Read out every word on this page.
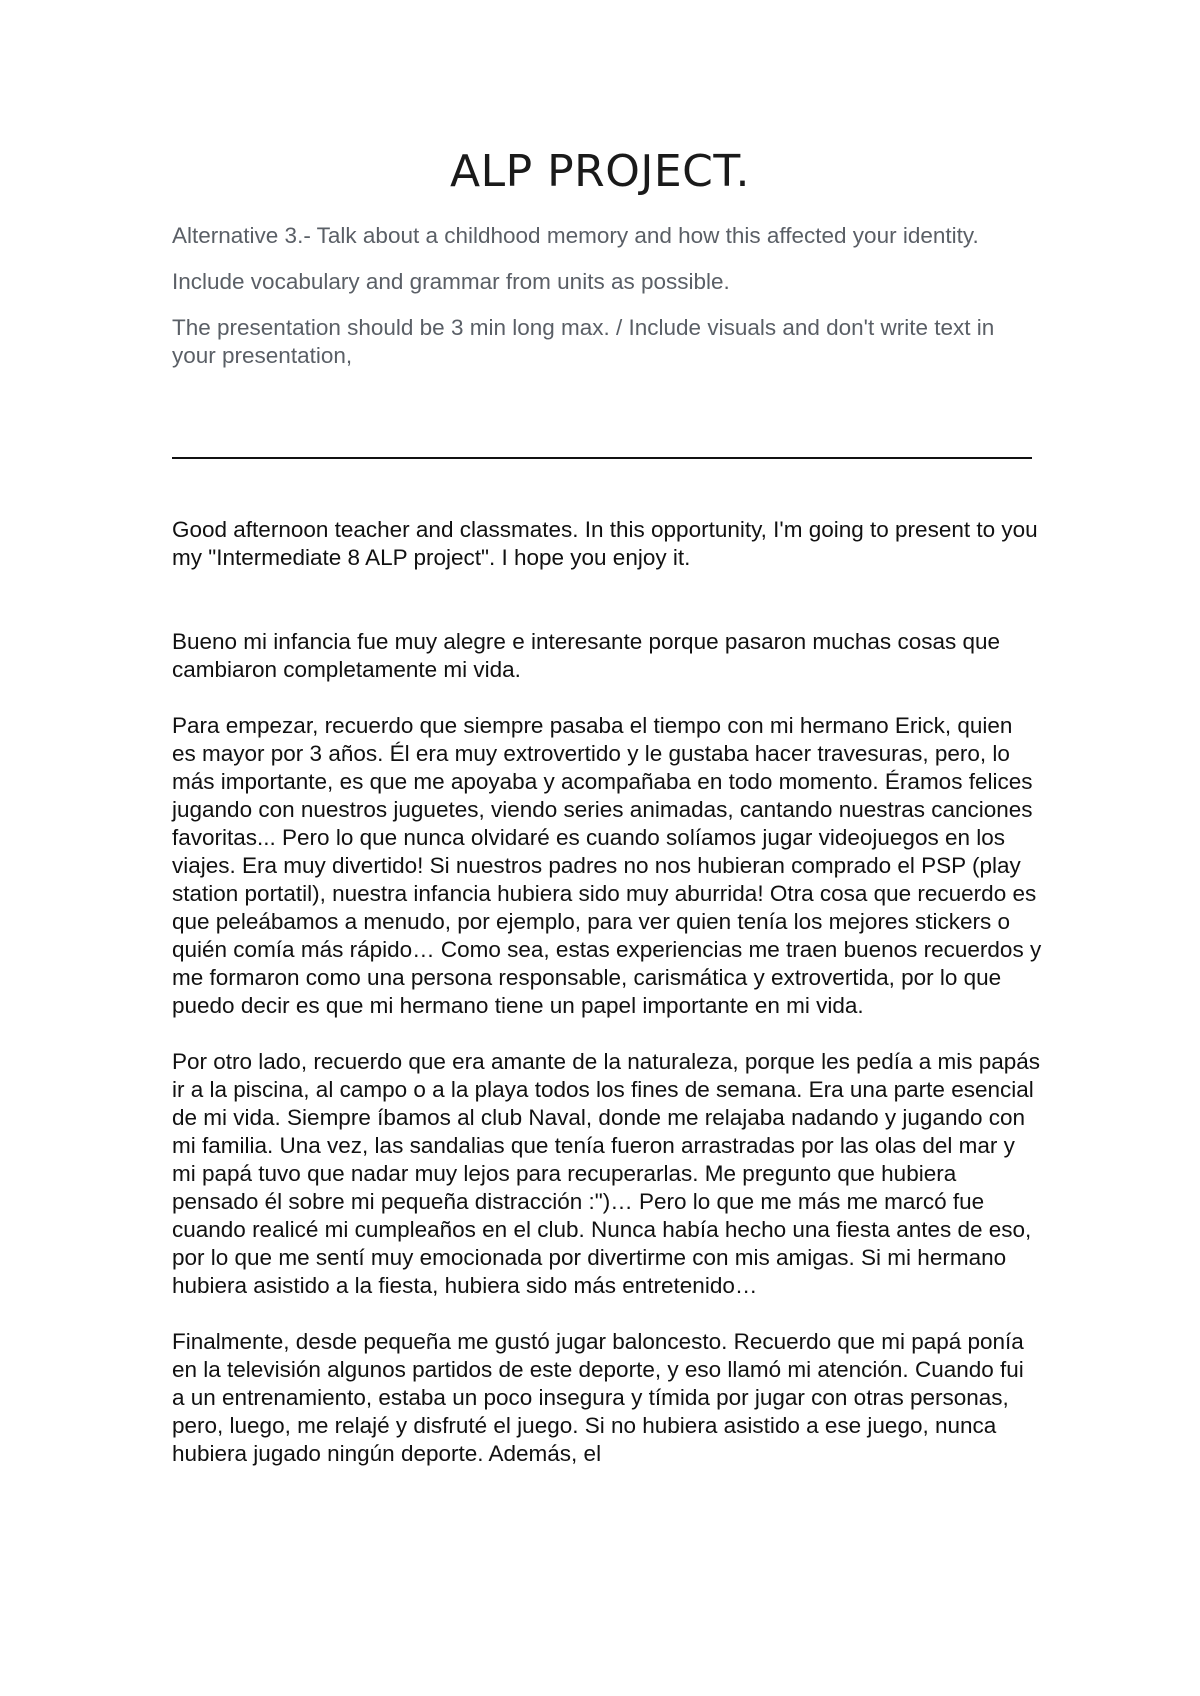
ALP PROJECT.

Alternative 3.- Talk about a childhood memory and how this affected your identity.

Include vocabulary and grammar from units as possible.

The presentation should be 3 min long max. / Include visuals and don't write text in your presentation,

Good afternoon teacher and classmates. In this opportunity, I'm going to present to you my "Intermediate 8 ALP project". I hope you enjoy it.

Bueno mi infancia fue muy alegre e interesante porque pasaron muchas cosas que cambiaron completamente mi vida.

Para empezar, recuerdo que siempre pasaba el tiempo con mi hermano Erick, quien es mayor por 3 años. Él era muy extrovertido y le gustaba hacer travesuras, pero, lo más importante, es que me apoyaba y acompañaba en todo momento. Éramos felices jugando con nuestros juguetes, viendo series animadas, cantando nuestras canciones favoritas... Pero lo que nunca olvidaré es cuando solíamos jugar videojuegos en los viajes. Era muy divertido! Si nuestros padres no nos hubieran comprado el PSP (play station portatil), nuestra infancia hubiera sido muy aburrida! Otra cosa que recuerdo es que peleábamos a menudo, por ejemplo, para ver quien tenía los mejores stickers o quién comía más rápido… Como sea, estas experiencias me traen buenos recuerdos y me formaron como una persona responsable, carismática y extrovertida, por lo que puedo decir es que mi hermano tiene un papel importante en mi vida.

Por otro lado, recuerdo que era amante de la naturaleza, porque les pedía a mis papás ir a la piscina, al campo o a la playa todos los fines de semana. Era una parte esencial de mi vida. Siempre íbamos al club Naval, donde me relajaba nadando y jugando con mi familia. Una vez, las sandalias que tenía fueron arrastradas por las olas del mar y mi papá tuvo que nadar muy lejos para recuperarlas. Me pregunto que hubiera pensado él sobre mi pequeña distracción :")… Pero lo que me más me marcó fue cuando realicé mi cumpleaños en el club. Nunca había hecho una fiesta antes de eso, por lo que me sentí muy emocionada por divertirme con mis amigas. Si mi hermano hubiera asistido a la fiesta, hubiera sido más entretenido…

Finalmente, desde pequeña me gustó jugar baloncesto. Recuerdo que mi papá ponía en la televisión algunos partidos de este deporte, y eso llamó mi atención. Cuando fui a un entrenamiento, estaba un poco insegura y tímida por jugar con otras personas, pero, luego, me relajé y disfruté el juego. Si no hubiera asistido a ese juego, nunca hubiera jugado ningún deporte. Además, el
